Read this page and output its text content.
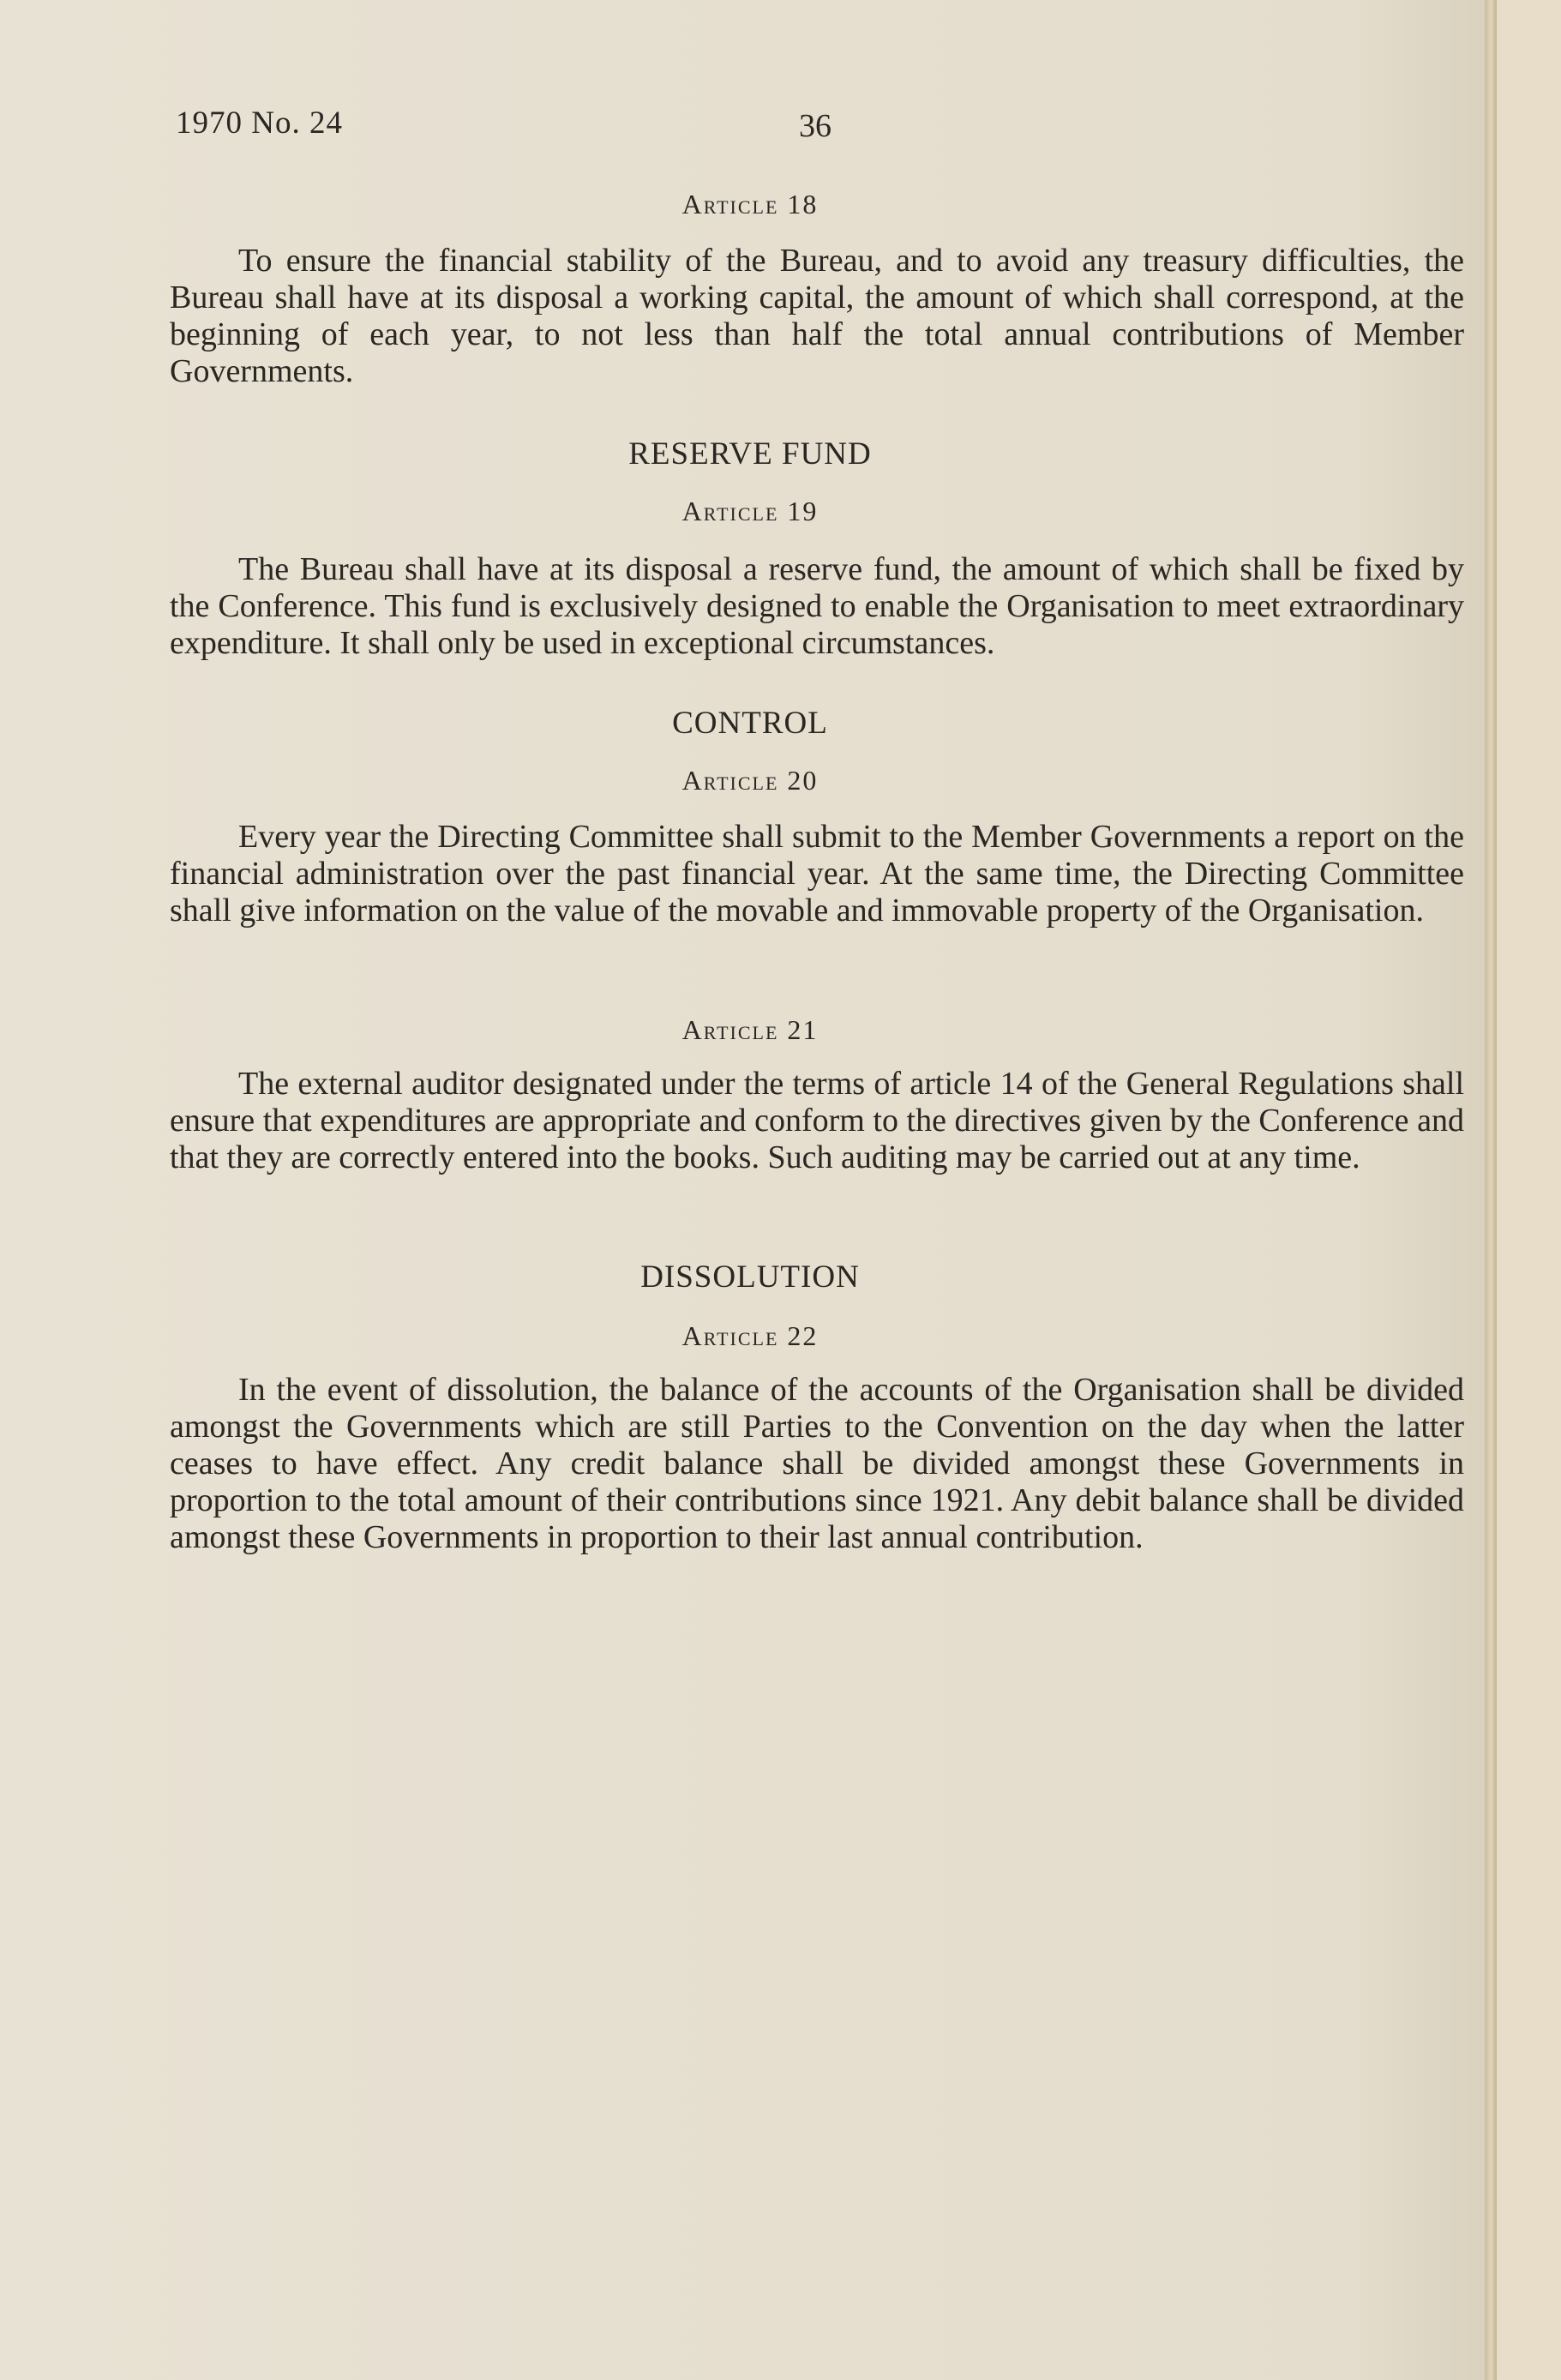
1970 No. 24	36
Article 18

To ensure the financial stability of the Bureau, and to avoid any treasury difficulties, the Bureau shall have at its disposal a working capital, the amount of which shall correspond, at the beginning of each year, to not less than half the total annual contributions of Member Governments.

RESERVE FUND
Article 19

The Bureau shall have at its disposal a reserve fund, the amount of which shall be fixed by the Conference. This fund is exclusively designed to enable the Organisation to meet extraordinary expenditure. It shall only be used in exceptional circumstances.

CONTROL
Article 20

Every year the Directing Committee shall submit to the Member Governments a report on the financial administration over the past financial year. At the same time, the Directing Committee shall give information on the value of the movable and immovable property of the Organisation.

Article 21

The external auditor designated under the terms of article 14 of the General Regulations shall ensure that expenditures are appropriate and conform to the directives given by the Conference and that they are correctly entered into the books. Such auditing may be carried out at any time.

DISSOLUTION
Article 22

In the event of dissolution, the balance of the accounts of the Organisation shall be divided amongst the Governments which are still Parties to the Convention on the day when the latter ceases to have effect. Any credit balance shall be divided amongst these Governments in proportion to the total amount of their contributions since 1921. Any debit balance shall be divided amongst these Governments in proportion to their last annual contribution.
